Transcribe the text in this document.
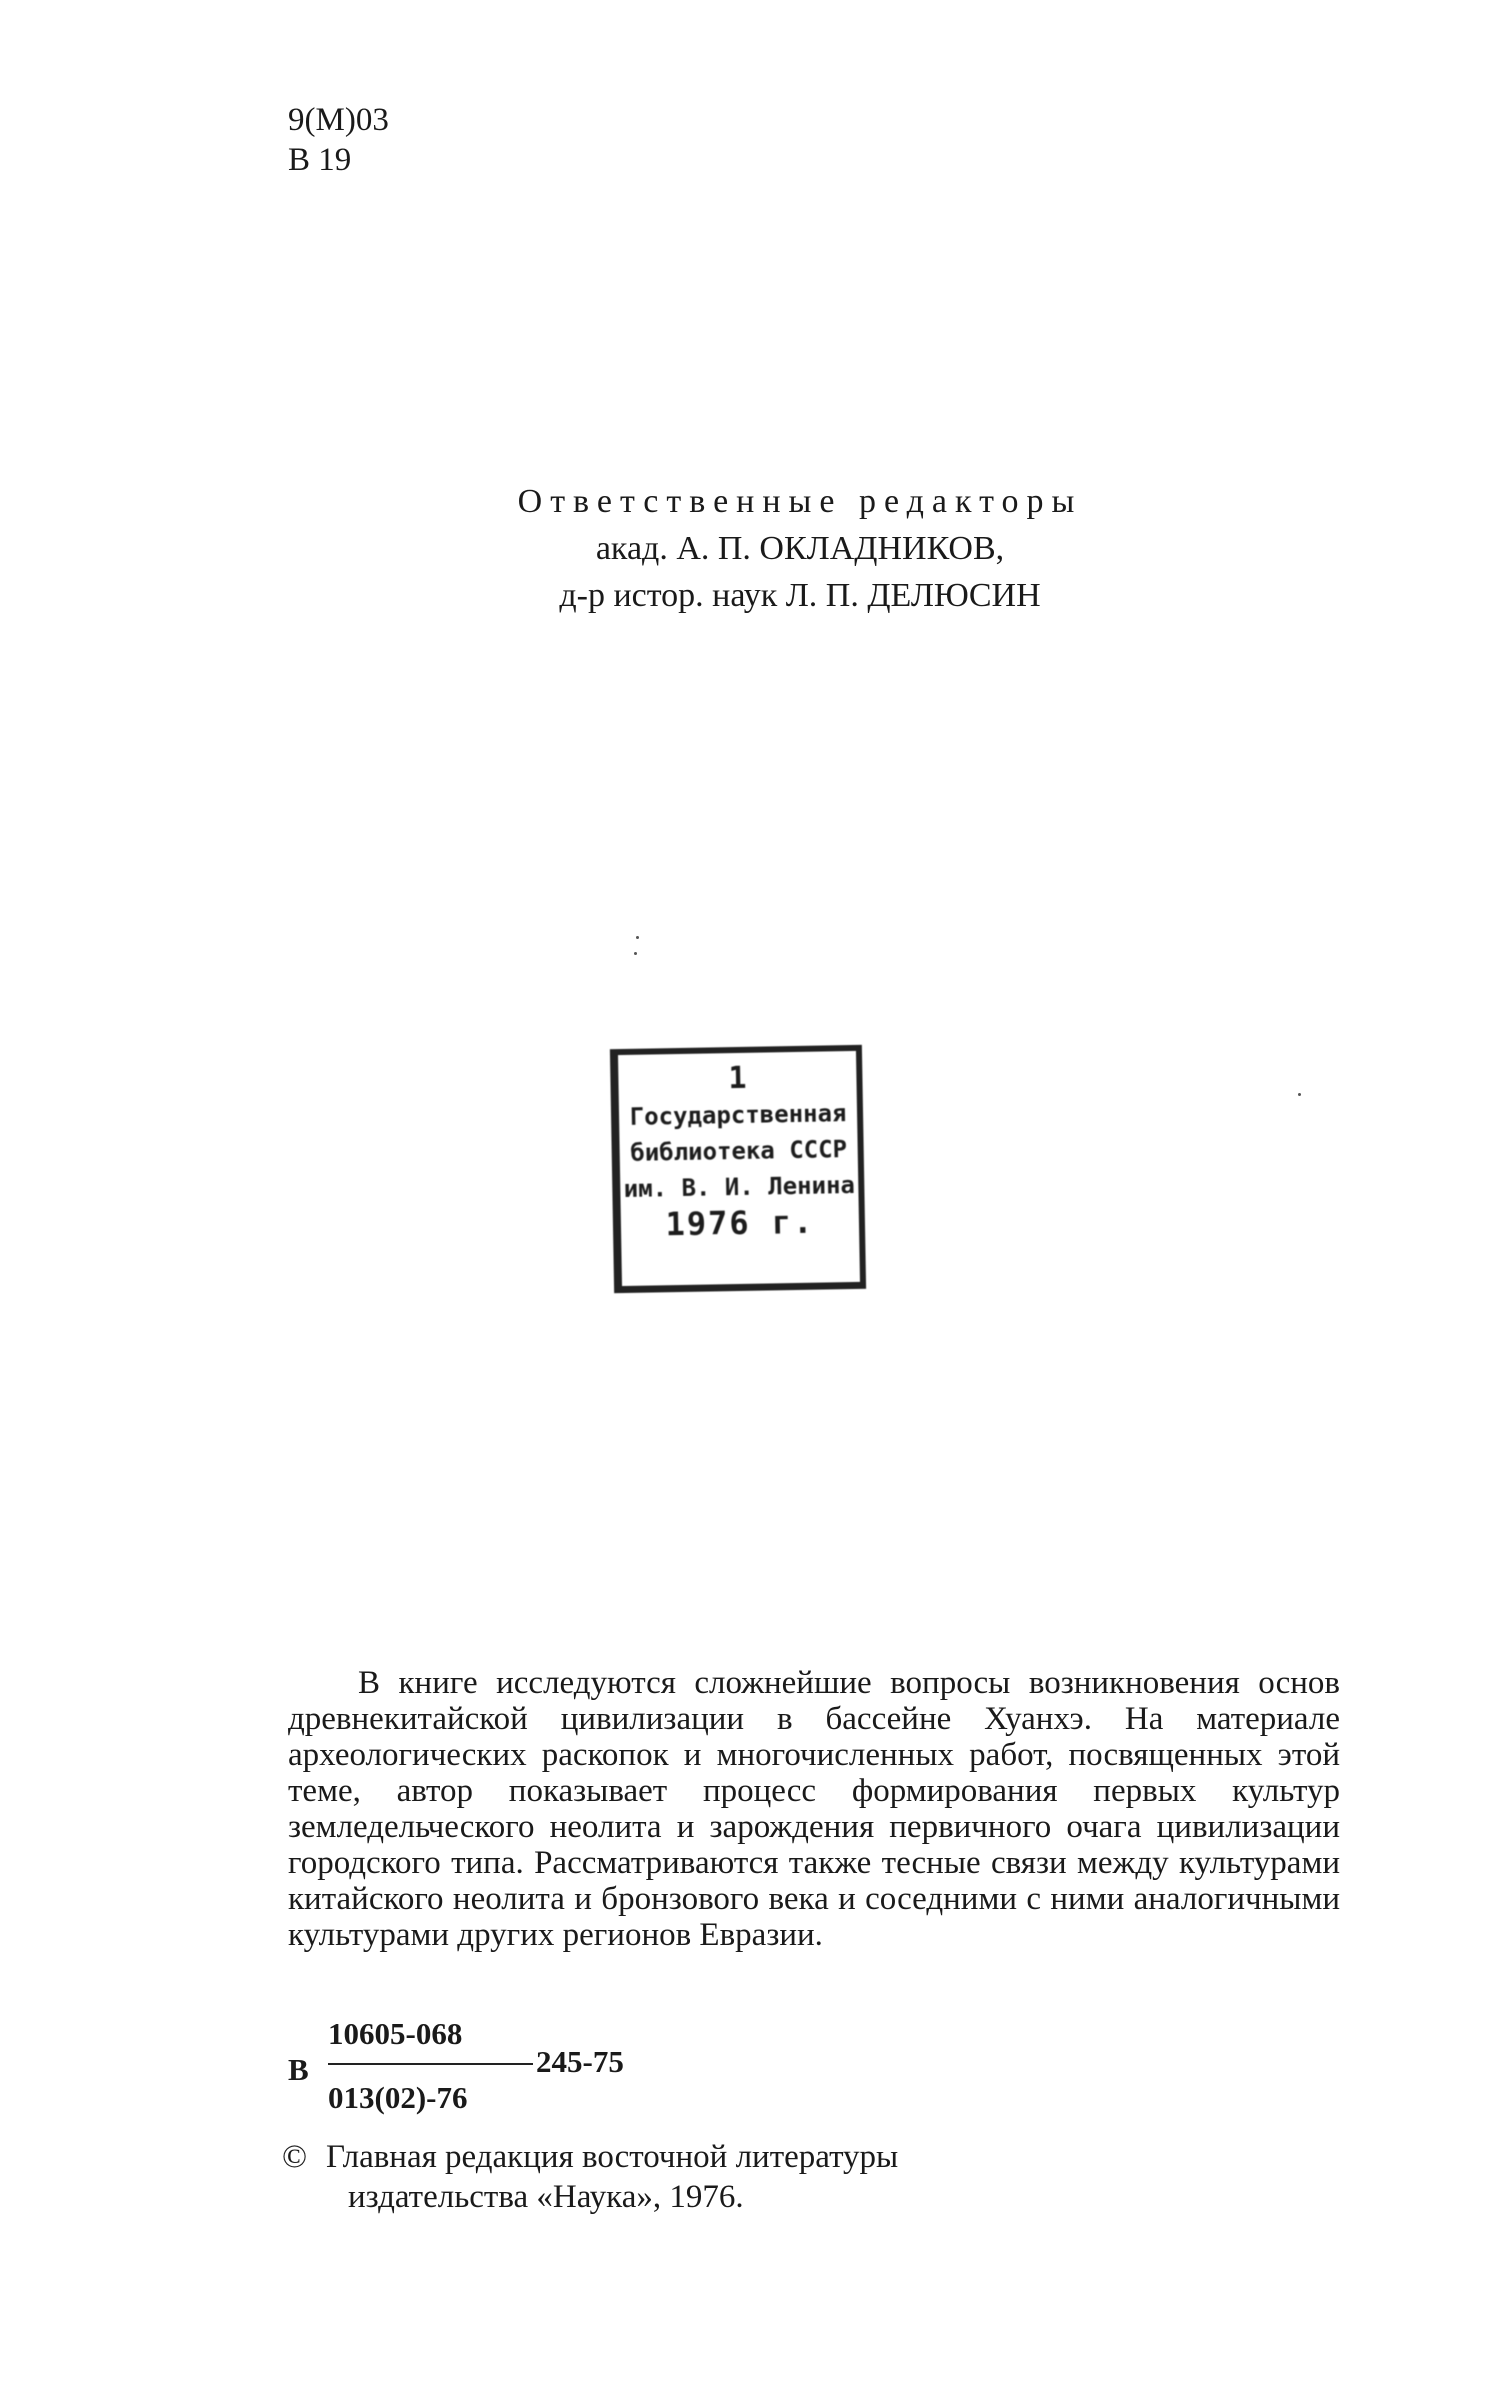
9(М)03
В 19
Ответственные редакторы
акад. А. П. ОКЛАДНИКОВ,
д-р истор. наук Л. П. ДЕЛЮСИН
1
Государственная
библиотека СССР
им. В. И. Ленина
1976 г.

В книге исследуются сложнейшие вопросы возникновения основ древнекитайской цивилизации в бассейне Хуанхэ. На материале археологических раскопок и многочисленных работ, посвященных этой теме, автор показывает процесс формирования первых культур земледельческого неолита и зарождения первичного очага цивилизации городского типа. Рассматриваются также тесные связи между культурами китайского неолита и бронзового века и соседними с ними аналогичными культурами других регионов Евразии.

В
10605-068
245-75
013(02)-76
© Главная редакция восточной литературы
издательства «Наука», 1976.
